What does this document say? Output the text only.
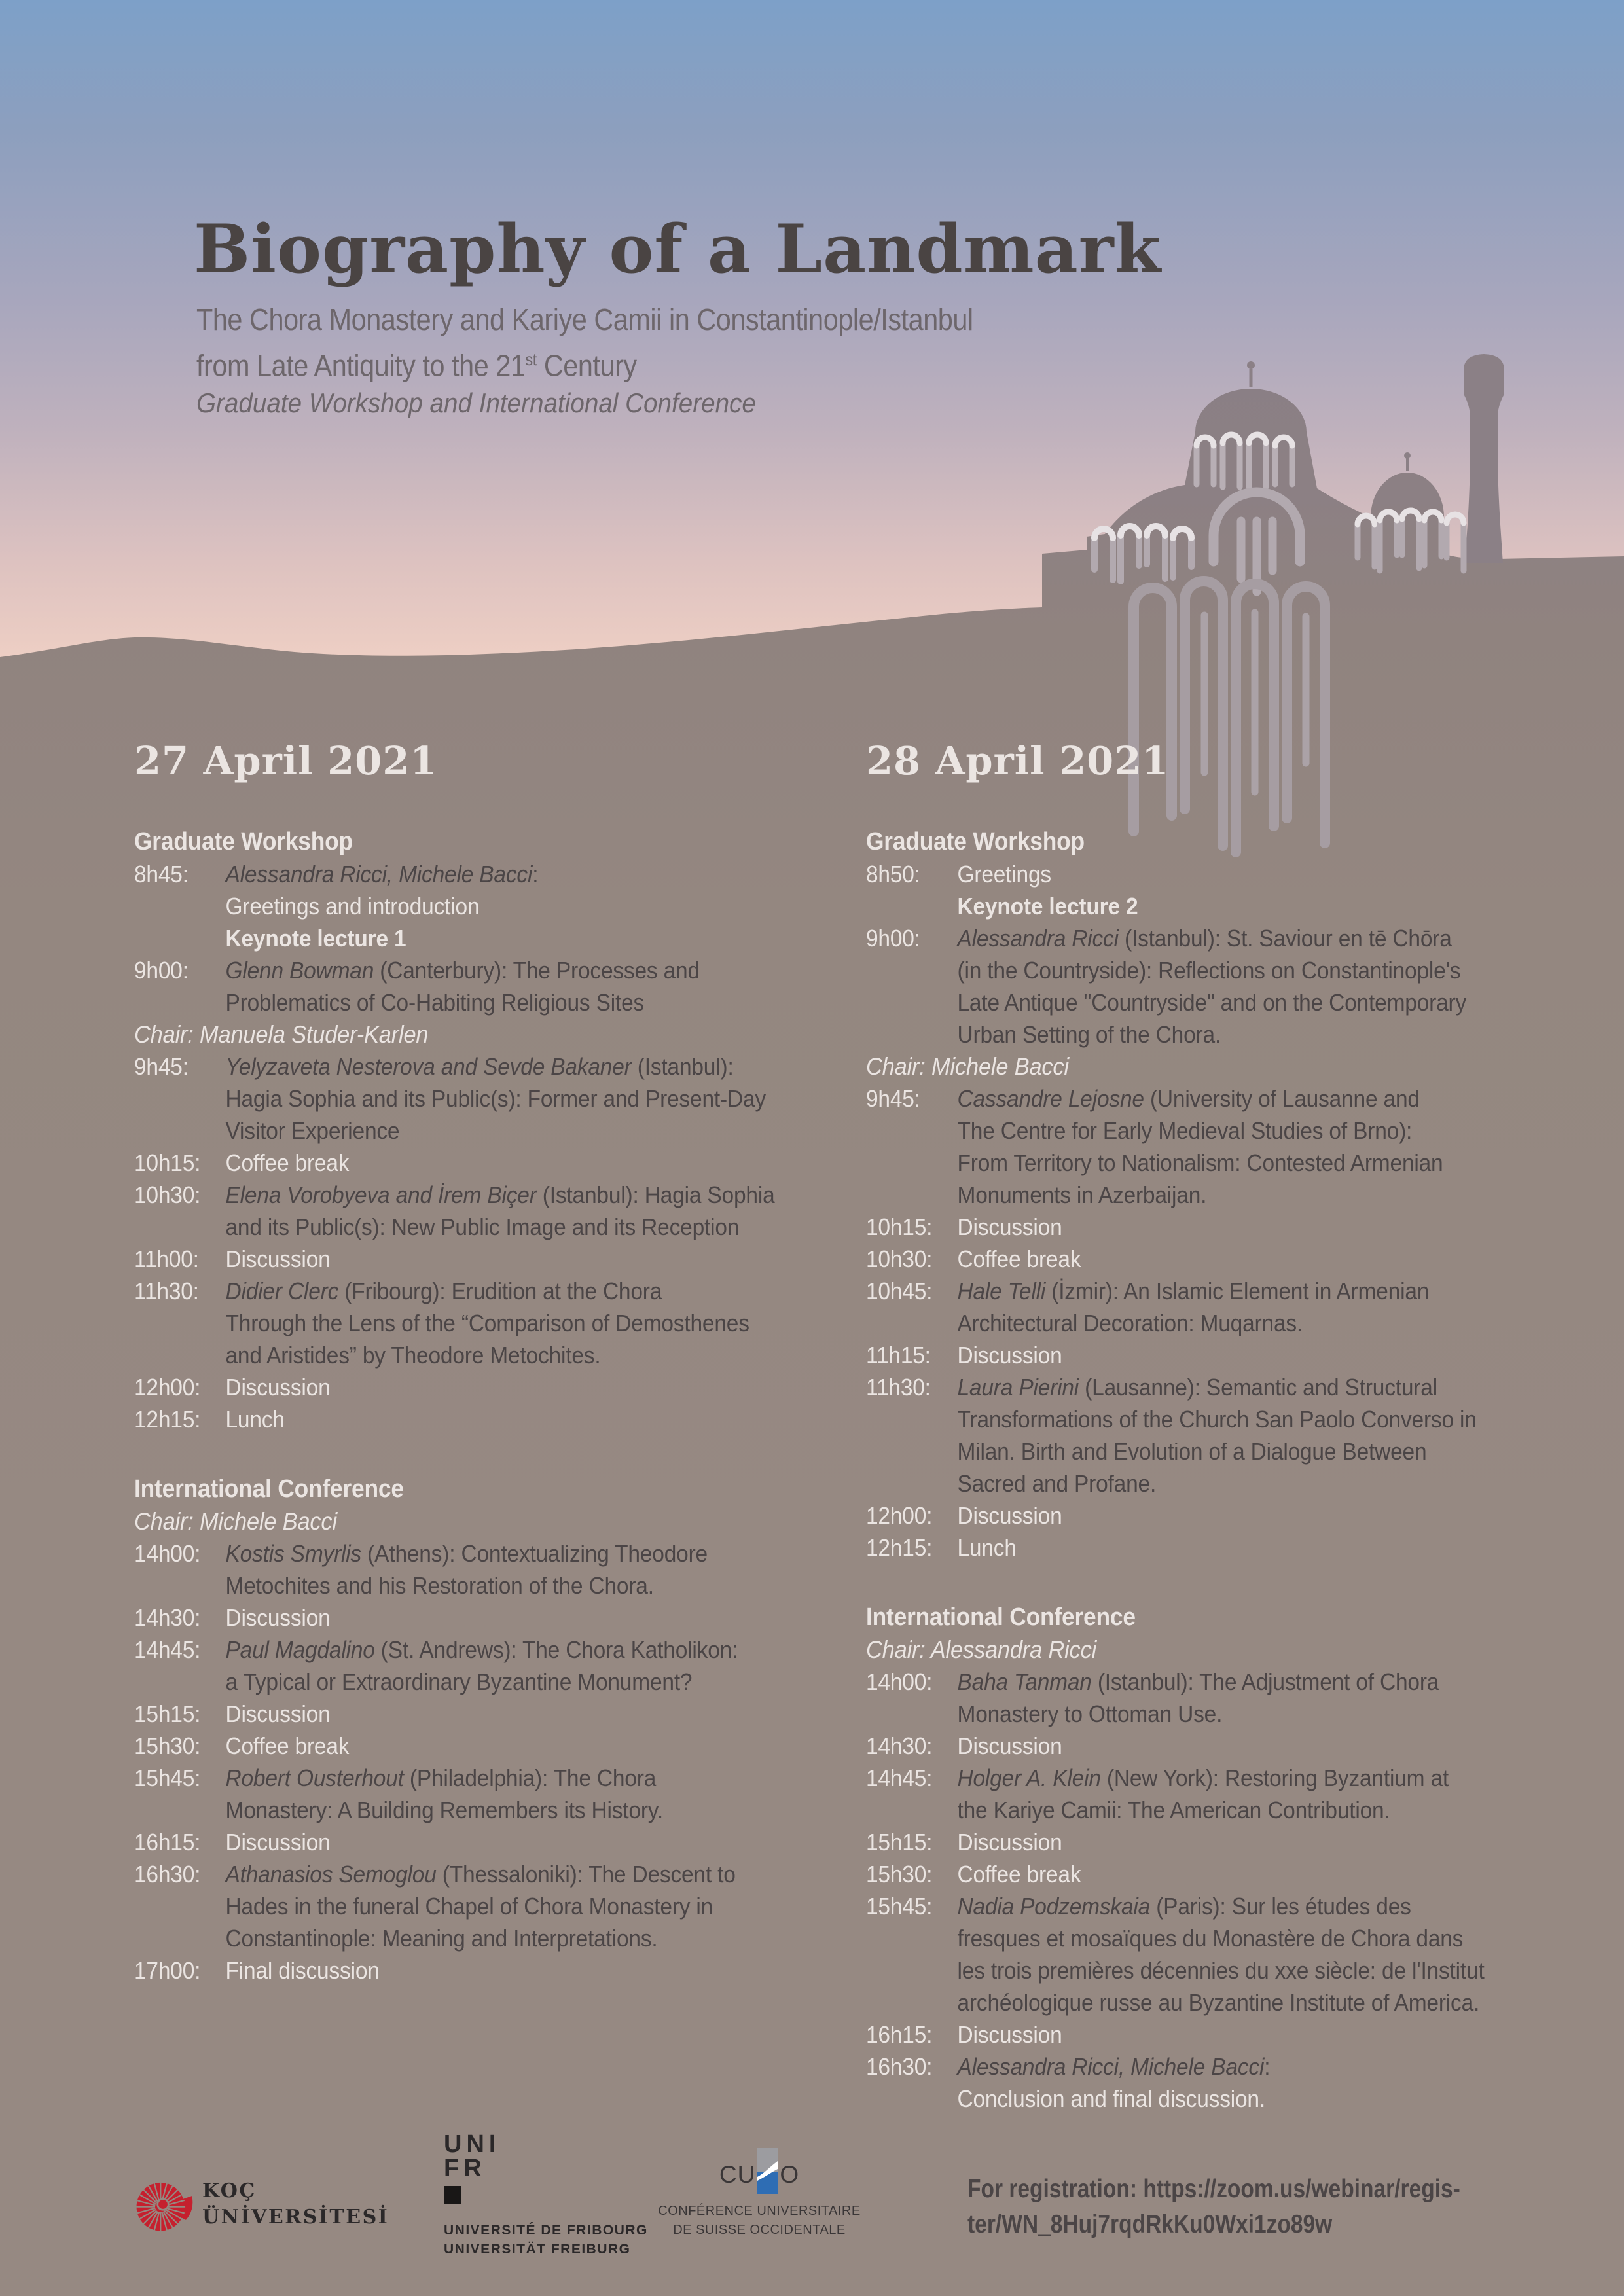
Biography of a Landmark
The Chora Monastery and Kariye Camii in Constantinople/Istanbul
from Late Antiquity to the 21st Century
Graduate Workshop and International Conference
27 April 2021
Graduate Workshop
8h45:	Alessandra Ricci, Michele Bacci:
Greetings and introduction
Keynote lecture 1
9h00:	Glenn Bowman (Canterbury): The Processes and
Problematics of Co-Habiting Religious Sites
Chair: Manuela Studer-Karlen
9h45:	Yelyzaveta Nesterova and Sevde Bakaner (Istanbul):
Hagia Sophia and its Public(s): Former and Present-Day
Visitor Experience
10h15:	Coffee break
10h30:	Elena Vorobyeva and İrem Biçer (Istanbul): Hagia Sophia
and its Public(s): New Public Image and its Reception
11h00:	Discussion
11h30:	Didier Clerc (Fribourg): Erudition at the Chora
Through the Lens of the “Comparison of Demosthenes
and Aristides” by Theodore Metochites.
12h00:	Discussion
12h15:	Lunch
International Conference
Chair: Michele Bacci
14h00:	Kostis Smyrlis (Athens): Contextualizing Theodore
Metochites and his Restoration of the Chora.
14h30:	Discussion
14h45:	Paul Magdalino (St. Andrews): The Chora Katholikon:
a Typical or Extraordinary Byzantine Monument?
15h15:	Discussion
15h30:	Coffee break
15h45:	Robert Ousterhout (Philadelphia): The Chora
Monastery: A Building Remembers its History.
16h15:	Discussion
16h30:	Athanasios Semoglou (Thessaloniki): The Descent to
Hades in the funeral Chapel of Chora Monastery in
Constantinople: Meaning and Interpretations.
17h00:	Final discussion
28 April 2021
Graduate Workshop
8h50:	Greetings
Keynote lecture 2
9h00:	Alessandra Ricci (Istanbul): St. Saviour en tē Chōra
(in the Countryside): Reflections on Constantinople's
Late Antique "Countryside" and on the Contemporary
Urban Setting of the Chora.
Chair: Michele Bacci
9h45:	Cassandre Lejosne (University of Lausanne and
The Centre for Early Medieval Studies of Brno):
From Territory to Nationalism: Contested Armenian
Monuments in Azerbaijan.
10h15:	Discussion
10h30:	Coffee break
10h45:	Hale Telli (İzmir): An Islamic Element in Armenian
Architectural Decoration: Muqarnas.
11h15:	Discussion
11h30:	Laura Pierini (Lausanne): Semantic and Structural
Transformations of the Church San Paolo Converso in
Milan. Birth and Evolution of a Dialogue Between
Sacred and Profane.
12h00:	Discussion
12h15:	Lunch
International Conference
Chair: Alessandra Ricci
14h00:	Baha Tanman (Istanbul): The Adjustment of Chora
Monastery to Ottoman Use.
14h30:	Discussion
14h45:	Holger A. Klein (New York): Restoring Byzantium at
the Kariye Camii: The American Contribution.
15h15:	Discussion
15h30:	Coffee break
15h45:	Nadia Podzemskaia (Paris): Sur les études des
fresques et mosaïques du Monastère de Chora dans
les trois premières décennies du xxe siècle: de l'Institut
archéologique russe au Byzantine Institute of America.
16h15:	Discussion
16h30:	Alessandra Ricci, Michele Bacci:
Conclusion and final discussion.
KOÇ
ÜNİVERSİTESİ
UNI
FR
UNIVERSITÉ DE FRIBOURG
UNIVERSITÄT FREIBURG
CU O
CONFÉRENCE UNIVERSITAIRE
DE SUISSE OCCIDENTALE
For registration: https://zoom.us/webinar/regis-
ter/WN_8Huj7rqdRkKu0Wxi1zo89w
